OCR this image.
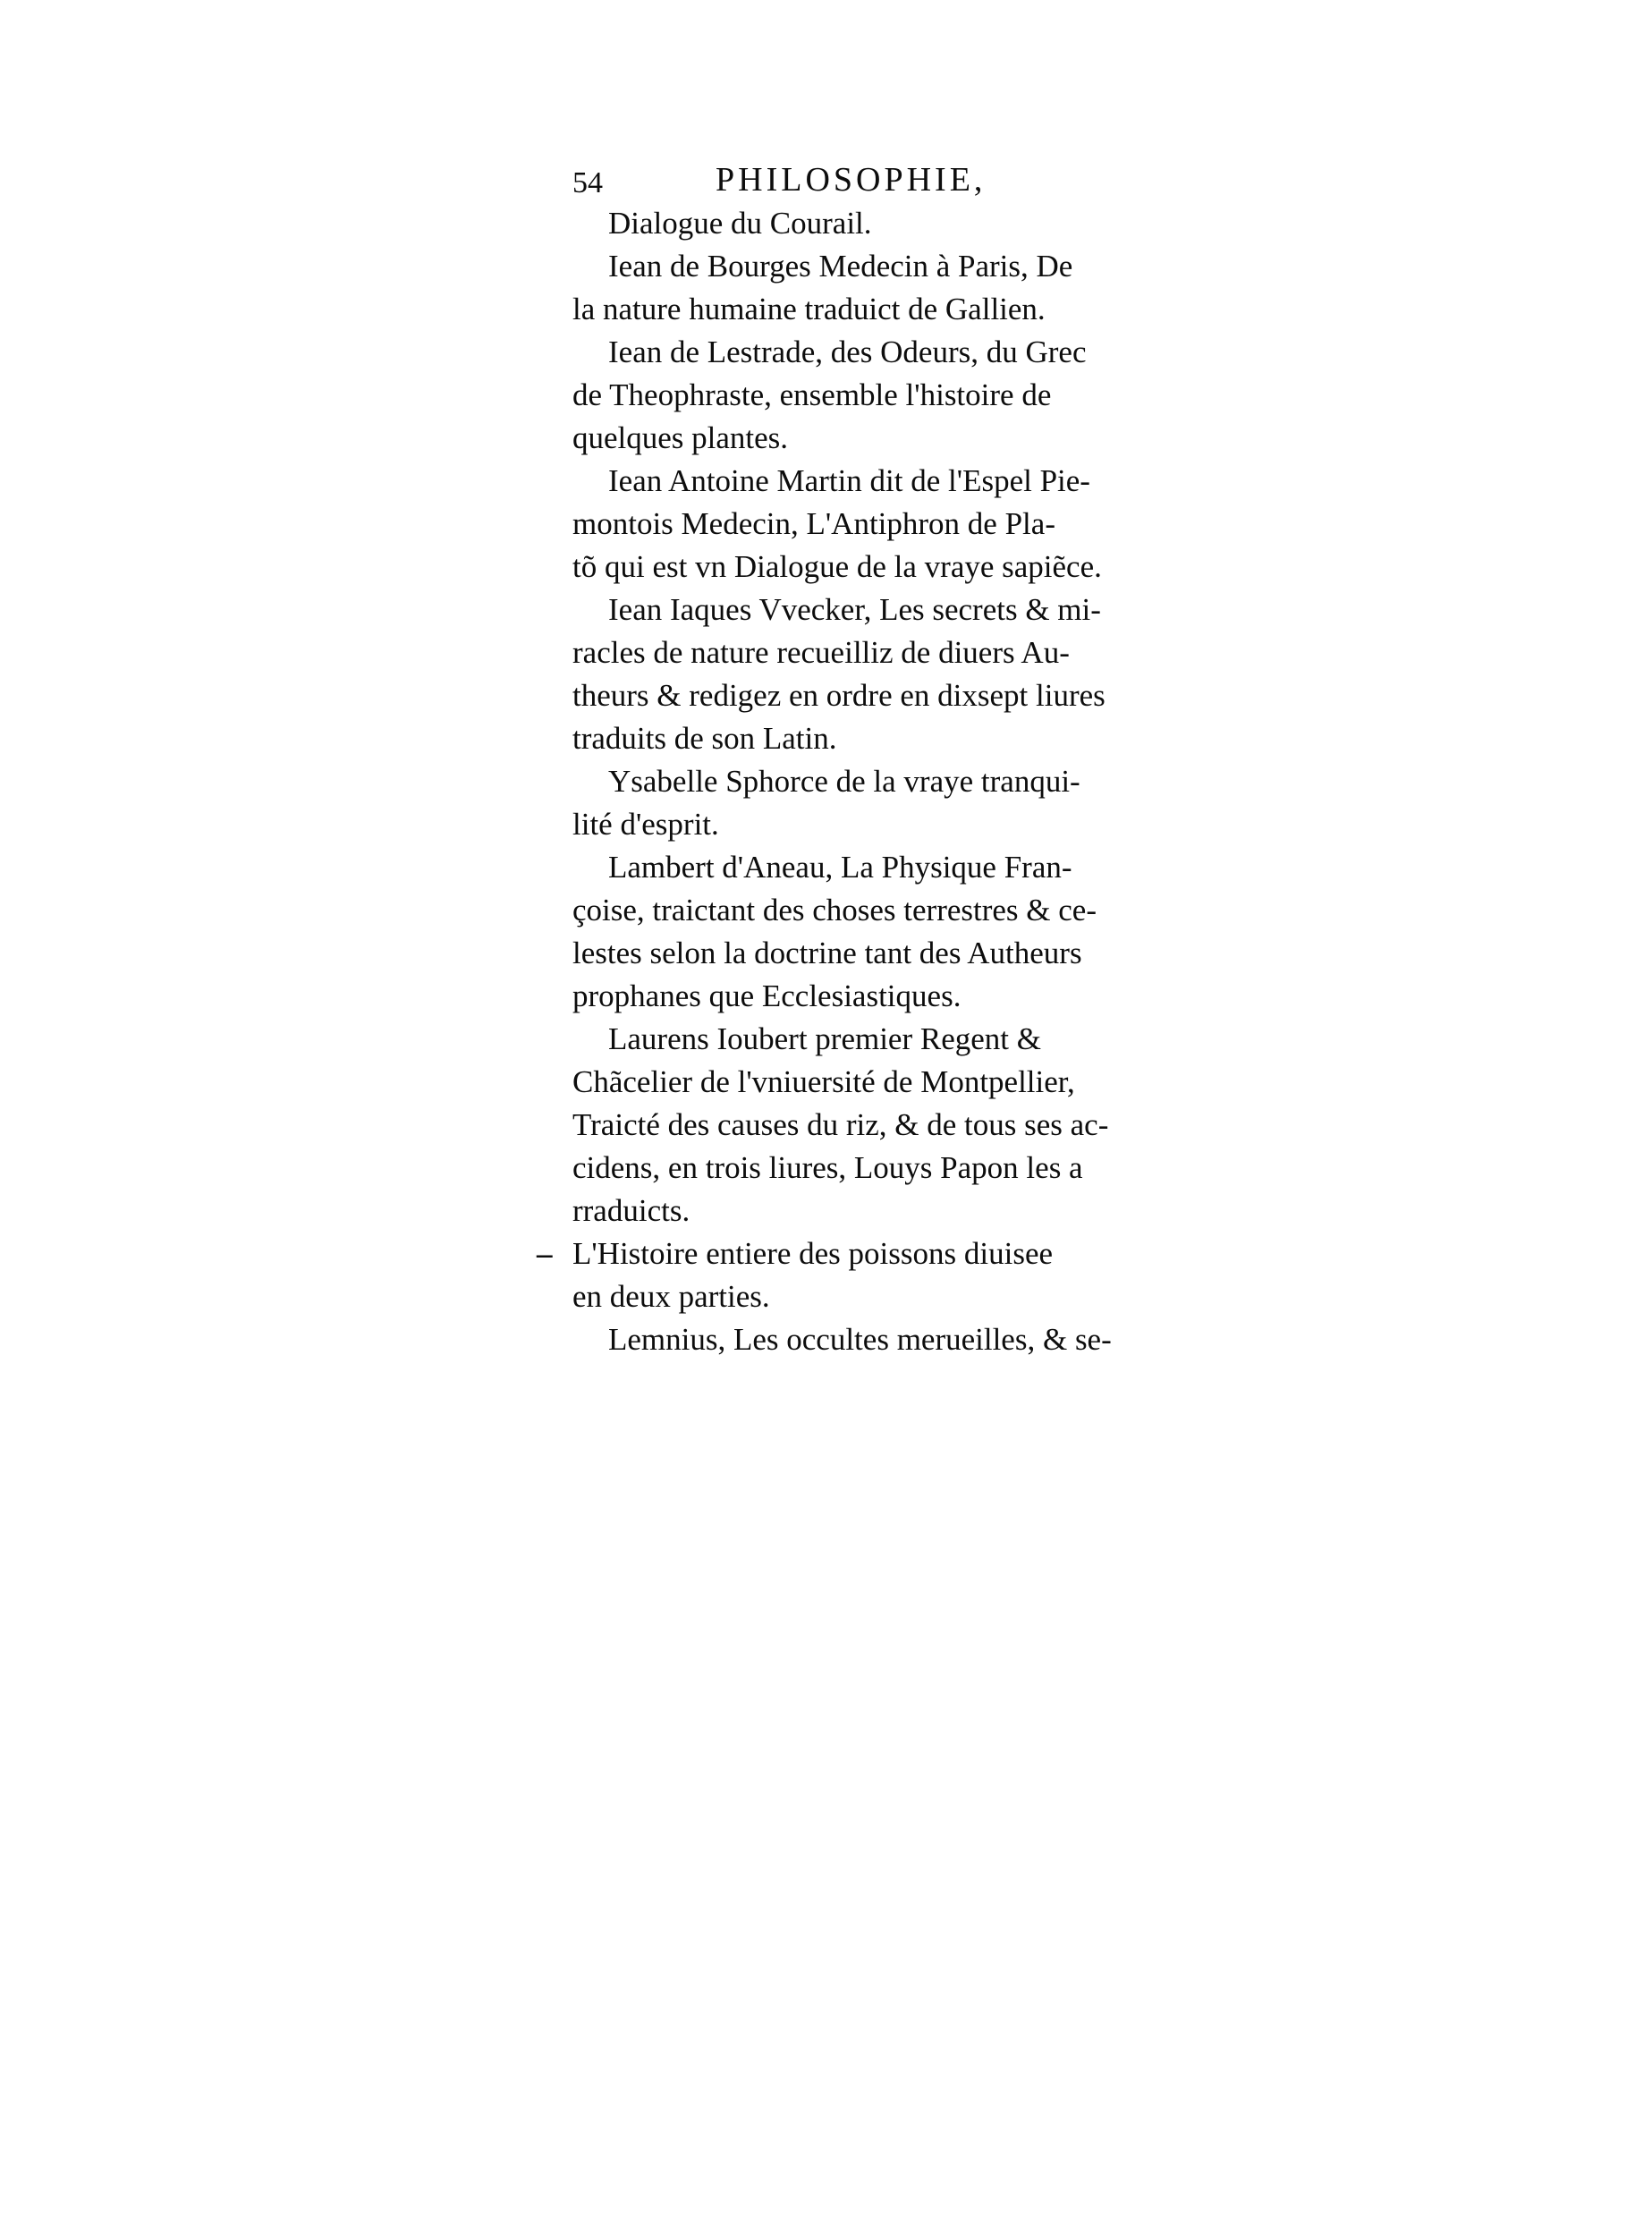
54	PHILOSOPHIE,
Dialogue du Courail.
Iean de Bourges Medecin à Paris, De
la nature humaine traduict de Gallien.
Iean de Lestrade, des Odeurs, du Grec
de Theophraste, ensemble l'histoire de
quelques plantes.
Iean Antoine Martin dit de l'Espel Pie-
montois Medecin, L'Antiphron de Pla-
tõ qui est vn Dialogue de la vraye sapiẽce.
Iean Iaques Vvecker, Les secrets & mi-
racles de nature recueilliz de diuers Au-
theurs & redigez en ordre en dixsept liures
traduits de son Latin.
Ysabelle Sphorce de la vraye tranqui-
lité d'esprit.
Lambert d'Aneau, La Physique Fran-
çoise, traictant des choses terrestres & ce-
lestes selon la doctrine tant des Autheurs
prophanes que Ecclesiastiques.
Laurens Ioubert premier Regent &
Chãcelier de l'vniuersité de Montpellier,
Traicté des causes du riz, & de tous ses ac-
cidens, en trois liures, Louys Papon les a
rraduicts.
– L'Histoire entiere des poissons diuisee
en deux parties.
Lemnius, Les occultes merueilles, & se-
